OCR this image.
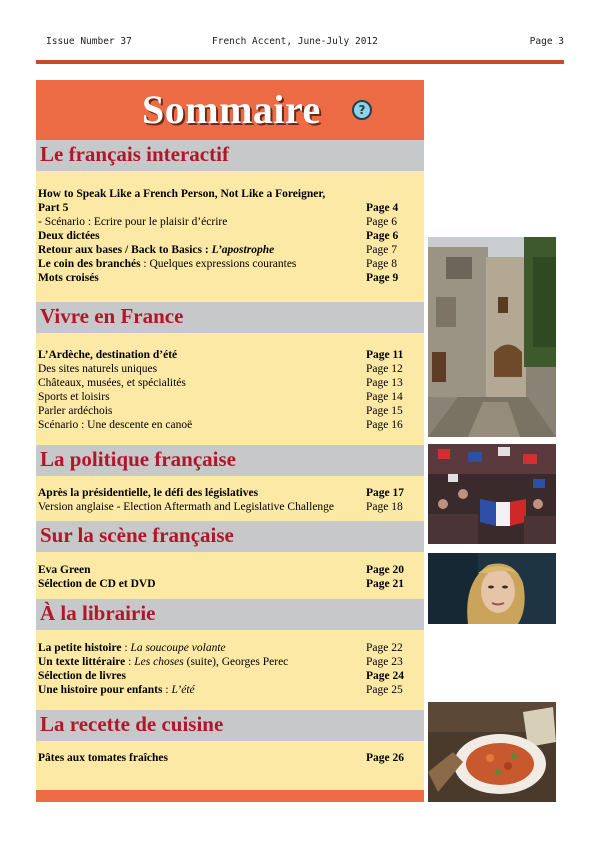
Issue Number 37	French Accent, June-July 2012	Page 3
Sommaire	?
Le français interactif
How to Speak Like a French Person, Not Like a Foreigner,
Part 5	Page 4
- Scénario : Ecrire pour le plaisir d’écrire	Page 6
Deux dictées	Page 6
Retour aux bases / Back to Basics : L’apostrophe	Page 7
Le coin des branchés : Quelques expressions courantes	Page 8
Mots croisés	Page 9
Vivre en France
L’Ardèche, destination d’été	Page 11
Des sites naturels uniques	Page 12
Châteaux, musées, et spécialités	Page 13
Sports et loisirs	Page 14
Parler ardéchois	Page 15
Scénario : Une descente en canoë	Page 16
La politique française
Après la présidentielle, le défi des législatives	Page 17
Version anglaise - Election Aftermath and Legislative Challenge	Page 18
Sur la scène française
Eva Green	Page 20
Sélection de CD et DVD	Page 21
À la librairie
La petite histoire : La soucoupe volante	Page 22
Un texte littéraire : Les choses (suite), Georges Perec	Page 23
Sélection de livres	Page 24
Une histoire pour enfants : L’été	Page 25
La recette de cuisine
Pâtes aux tomates fraîches	Page 26
